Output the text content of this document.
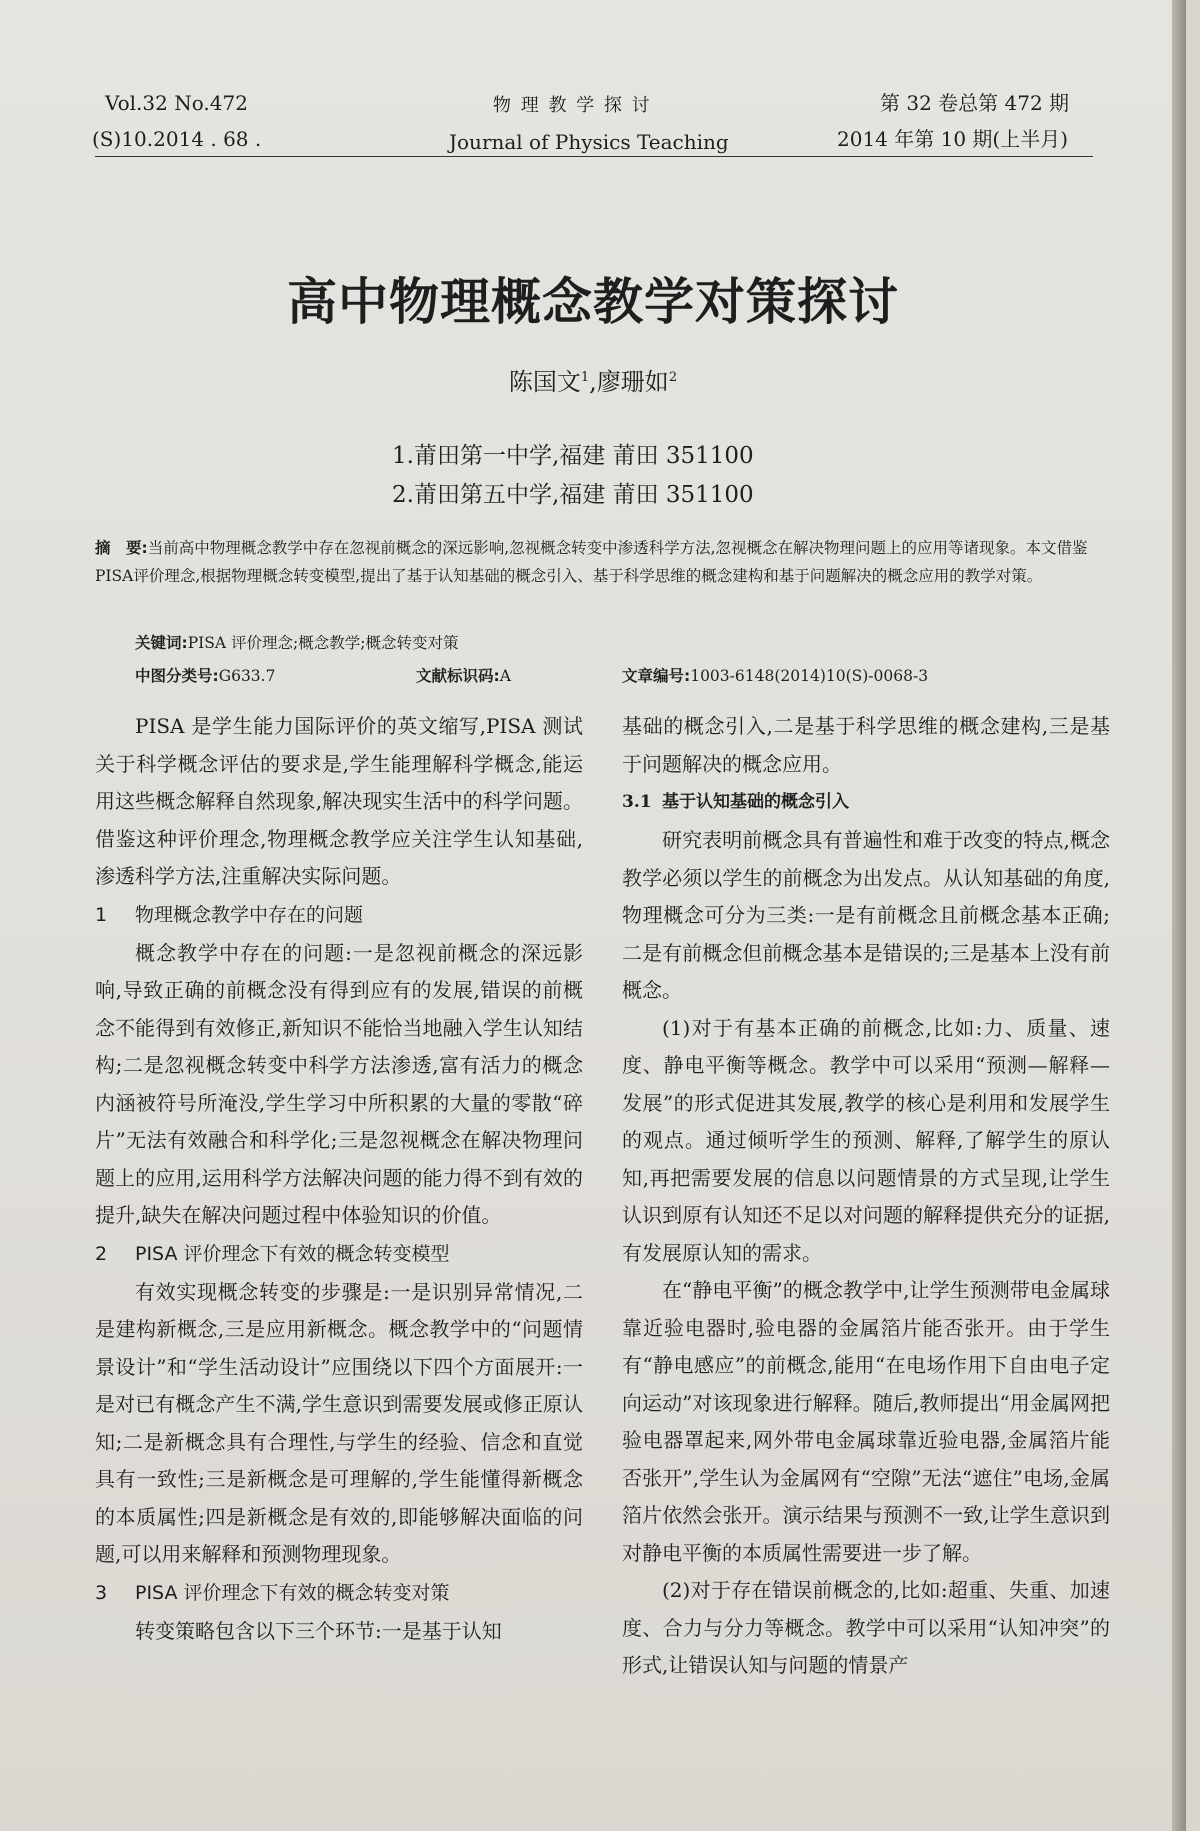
Vol.32 No.472
(S)10.2014 . 68 .
物 理 教 学 探 讨
Journal of Physics Teaching
第 32 卷总第 472 期
2014 年第 10 期(上半月)
高中物理概念教学对策探讨
陈国文$^1$,廖珊如$^2$
1.莆田第一中学,福建 莆田 351100
2.莆田第五中学,福建 莆田 351100
摘　要:当前高中物理概念教学中存在忽视前概念的深远影响,忽视概念转变中渗透科学方法,忽视概念在解决物理问题上的应用等诸现象。本文借鉴PISA评价理念,根据物理概念转变模型,提出了基于认知基础的概念引入、基于科学思维的概念建构和基于问题解决的概念应用的教学对策。
关键词:PISA 评价理念;概念教学;概念转变对策
中图分类号:G633.7	文献标识码:A	文章编号:1003-6148(2014)10(S)-0068-3

PISA 是学生能力国际评价的英文缩写,PISA 测试关于科学概念评估的要求是,学生能理解科学概念,能运用这些概念解释自然现象,解决现实生活中的科学问题。借鉴这种评价理念,物理概念教学应关注学生认知基础,渗透科学方法,注重解决实际问题。

1 物理概念教学中存在的问题

概念教学中存在的问题:一是忽视前概念的深远影响,导致正确的前概念没有得到应有的发展,错误的前概念不能得到有效修正,新知识不能恰当地融入学生认知结构;二是忽视概念转变中科学方法渗透,富有活力的概念内涵被符号所淹没,学生学习中所积累的大量的零散“碎片”无法有效融合和科学化;三是忽视概念在解决物理问题上的应用,运用科学方法解决问题的能力得不到有效的提升,缺失在解决问题过程中体验知识的价值。

2 PISA 评价理念下有效的概念转变模型

有效实现概念转变的步骤是:一是识别异常情况,二是建构新概念,三是应用新概念。概念教学中的“问题情景设计”和“学生活动设计”应围绕以下四个方面展开:一是对已有概念产生不满,学生意识到需要发展或修正原认知;二是新概念具有合理性,与学生的经验、信念和直觉具有一致性;三是新概念是可理解的,学生能懂得新概念的本质属性;四是新概念是有效的,即能够解决面临的问题,可以用来解释和预测物理现象。

3 PISA 评价理念下有效的概念转变对策

转变策略包含以下三个环节:一是基于认知

基础的概念引入,二是基于科学思维的概念建构,三是基于问题解决的概念应用。

3.1 基于认知基础的概念引入

研究表明前概念具有普遍性和难于改变的特点,概念教学必须以学生的前概念为出发点。从认知基础的角度,物理概念可分为三类:一是有前概念且前概念基本正确;二是有前概念但前概念基本是错误的;三是基本上没有前概念。

(1)对于有基本正确的前概念,比如:力、质量、速度、静电平衡等概念。教学中可以采用“预测—解释—发展”的形式促进其发展,教学的核心是利用和发展学生的观点。通过倾听学生的预测、解释,了解学生的原认知,再把需要发展的信息以问题情景的方式呈现,让学生认识到原有认知还不足以对问题的解释提供充分的证据,有发展原认知的需求。

在“静电平衡”的概念教学中,让学生预测带电金属球靠近验电器时,验电器的金属箔片能否张开。由于学生有“静电感应”的前概念,能用“在电场作用下自由电子定向运动”对该现象进行解释。随后,教师提出“用金属网把验电器罩起来,网外带电金属球靠近验电器,金属箔片能否张开”,学生认为金属网有“空隙”无法“遮住”电场,金属箔片依然会张开。演示结果与预测不一致,让学生意识到对静电平衡的本质属性需要进一步了解。

(2)对于存在错误前概念的,比如:超重、失重、加速度、合力与分力等概念。教学中可以采用“认知冲突”的形式,让错误认知与问题的情景产
